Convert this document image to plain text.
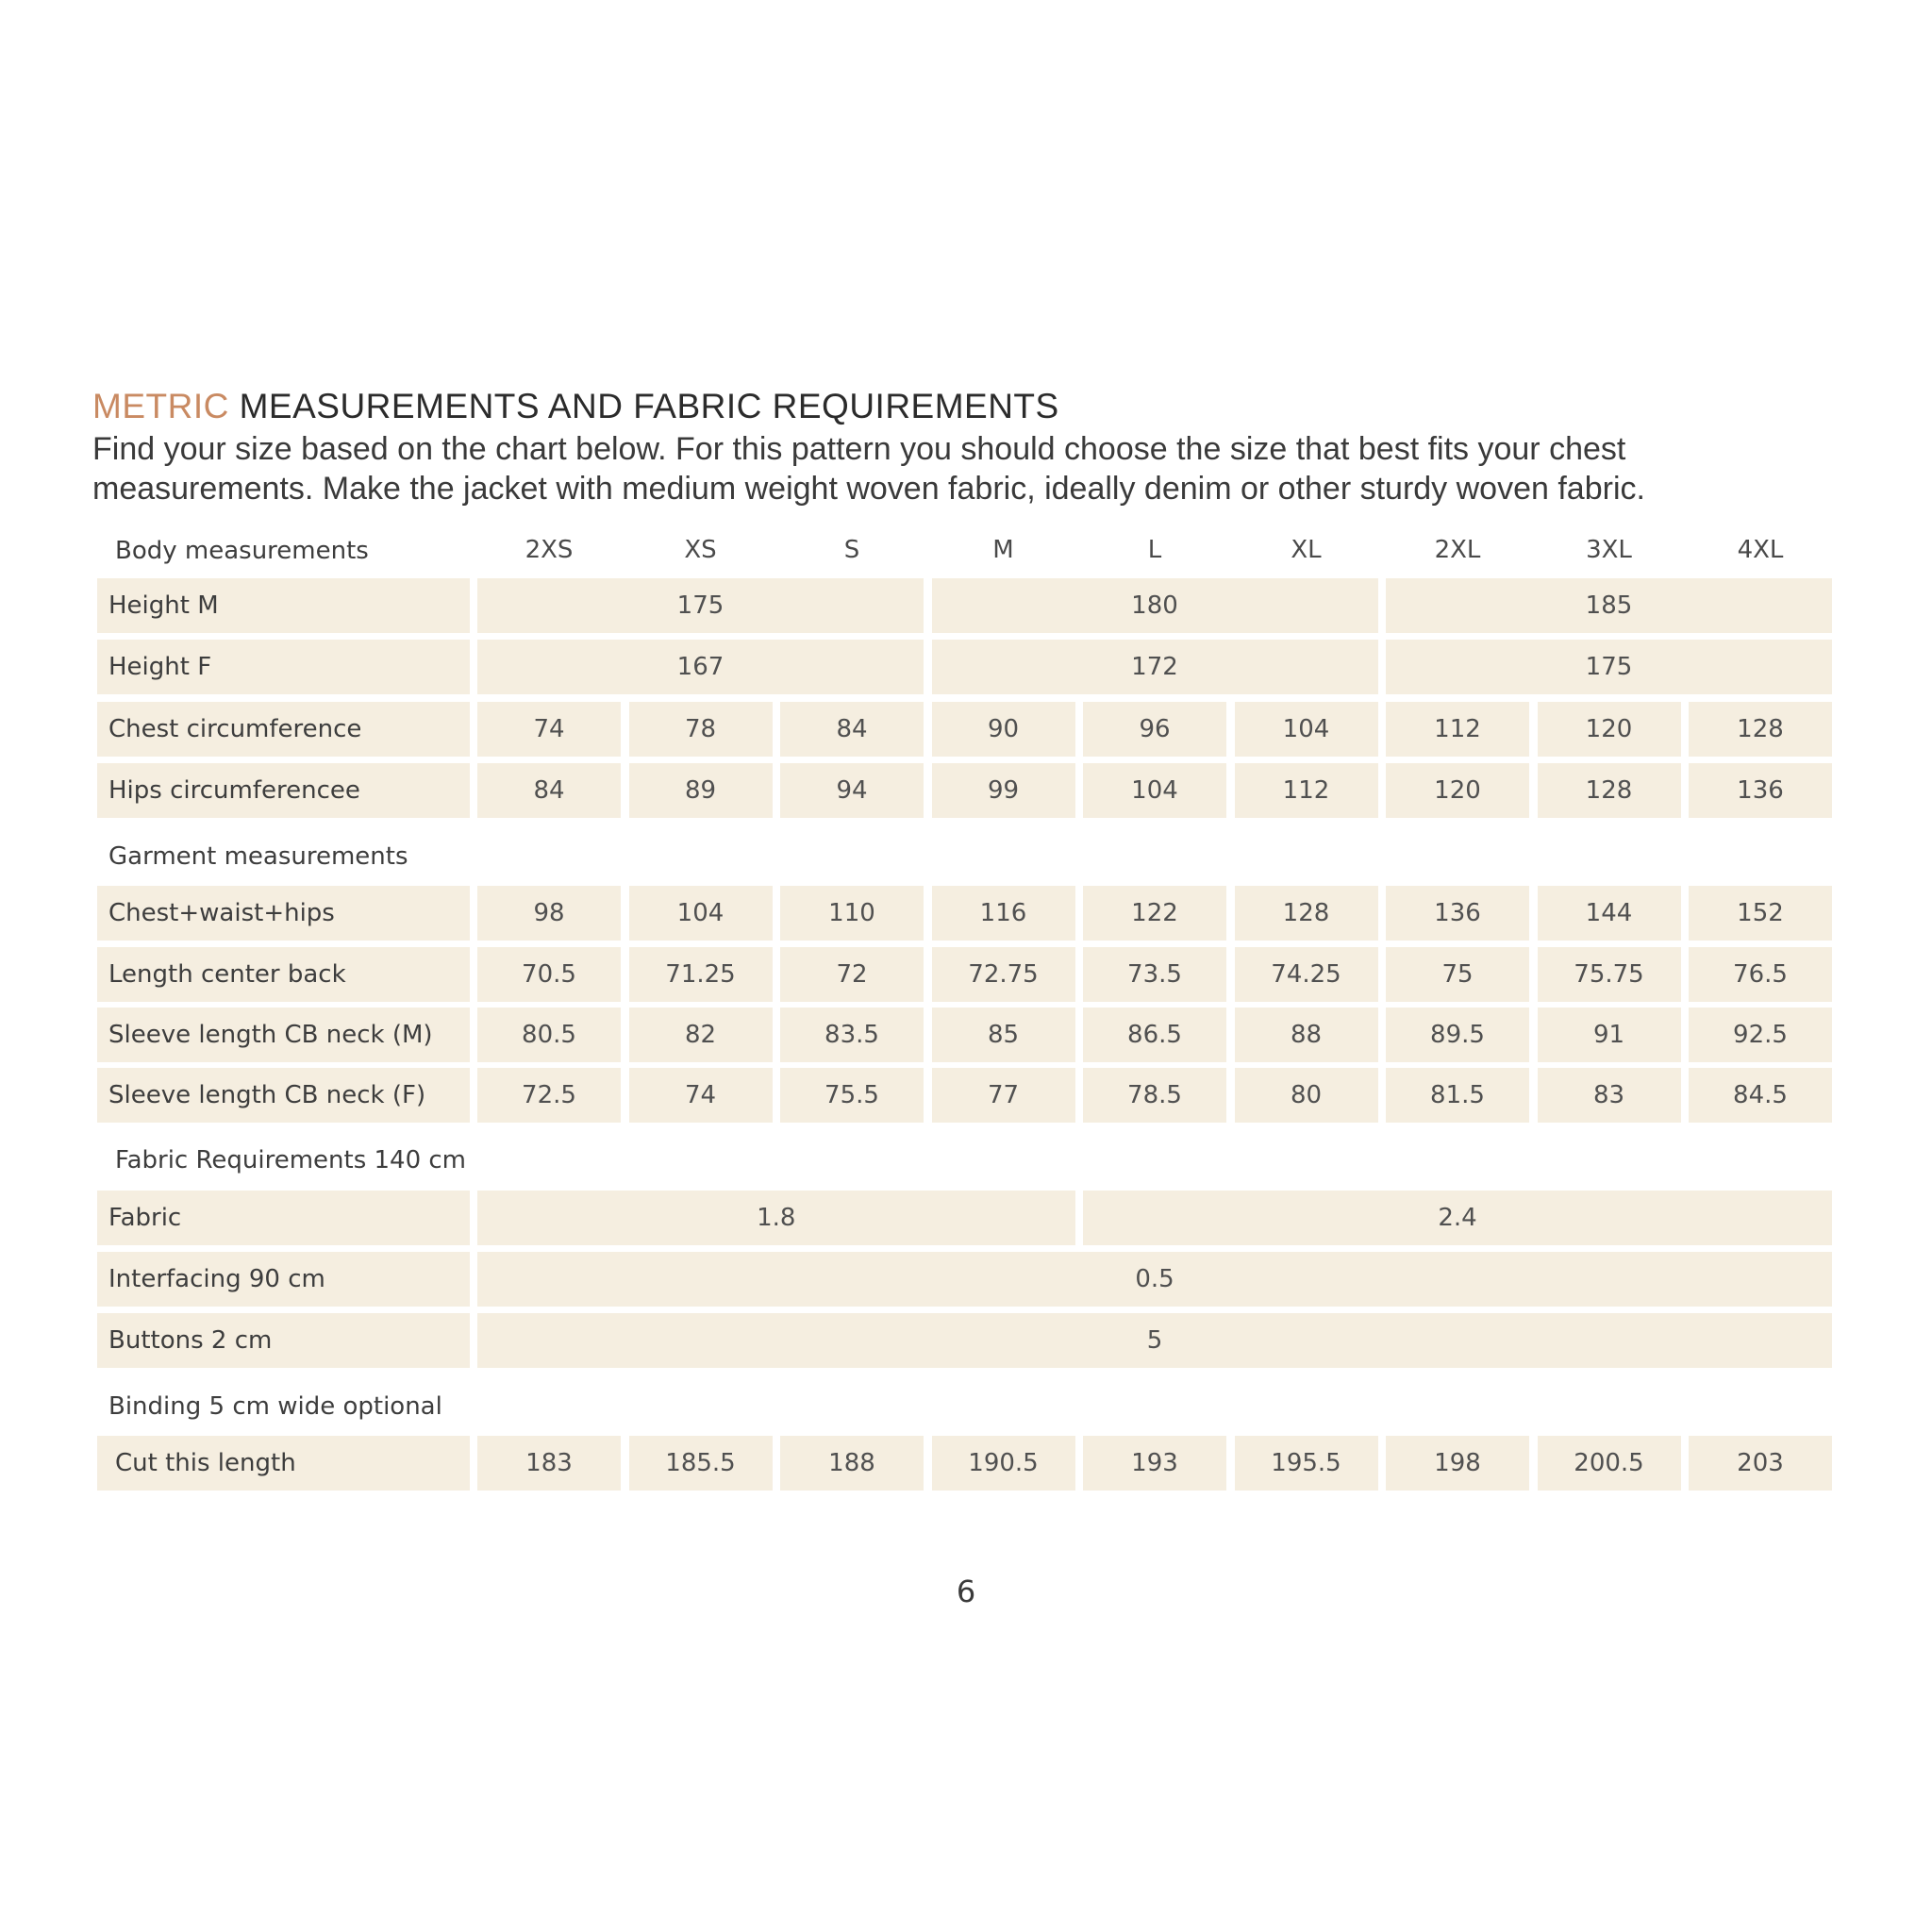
METRIC MEASUREMENTS AND FABRIC REQUIREMENTS

Find your size based on the chart below. For this pattern you should choose the size that best fits your chest
measurements. Make the jacket with medium weight woven fabric, ideally denim or other sturdy woven fabric.

Body measurements	2XS	XS	S	M	L	XL	2XL	3XL	4XL
Height M	175	180	185
Height F	167	172	175
Chest circumference	74	78	84	90	96	104	112	120	128
Hips circumferencee	84	89	94	99	104	112	120	128	136
Garment measurements
Chest+waist+hips	98	104	110	116	122	128	136	144	152
Length center back	70.5	71.25	72	72.75	73.5	74.25	75	75.75	76.5
Sleeve length CB neck (M)	80.5	82	83.5	85	86.5	88	89.5	91	92.5
Sleeve length CB neck (F)	72.5	74	75.5	77	78.5	80	81.5	83	84.5
Fabric Requirements 140 cm
Fabric	1.8	2.4
Interfacing 90 cm	0.5
Buttons 2 cm	5
Binding 5 cm wide optional
Cut this length	183	185.5	188	190.5	193	195.5	198	200.5	203
6
